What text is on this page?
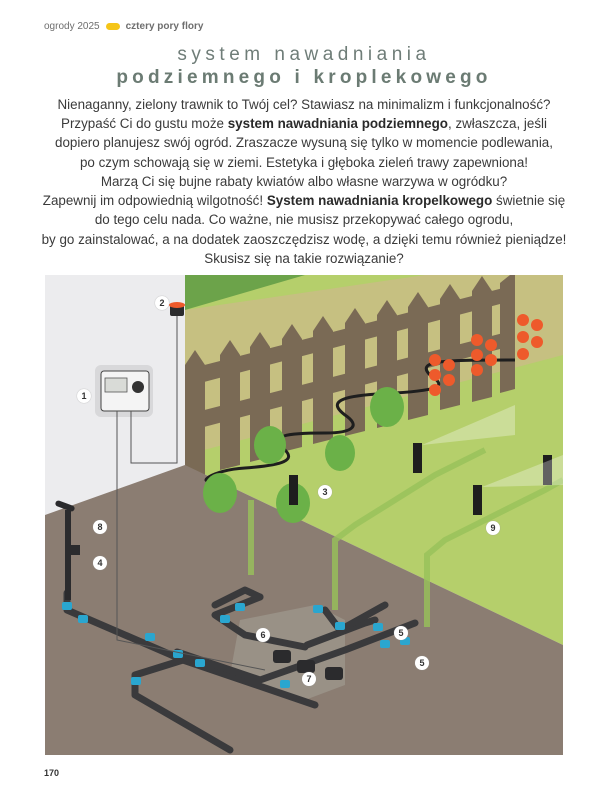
ogrody 2025	cztery pory flory
system nawadniania
podziemnego i kroplekowego
Nienaganny, zielony trawnik to Twój cel? Stawiasz na minimalizm i funkcjonalność?
Przypaść Ci do gustu może system nawadniania podziemnego, zwłaszcza, jeśli
dopiero planujesz swój ogród. Zraszacze wysuną się tylko w momencie podlewania,
po czym schowają się w ziemi. Estetyka i głęboka zieleń trawy zapewniona!
Marzą Ci się bujne rabaty kwiatów albo własne warzywa w ogródku?
Zapewnij im odpowiednią wilgotność! System nawadniania kropelkowego świetnie się
do tego celu nada. Co ważne, nie musisz przekopywać całego ogrodu,
by go zainstalować, a na dodatek zaoszczędzisz wodę, a dzięki temu również pieniądze!
Skusisz się na takie rozwiązanie?
1
2
3
4
5
5
6
7
8	9
170
